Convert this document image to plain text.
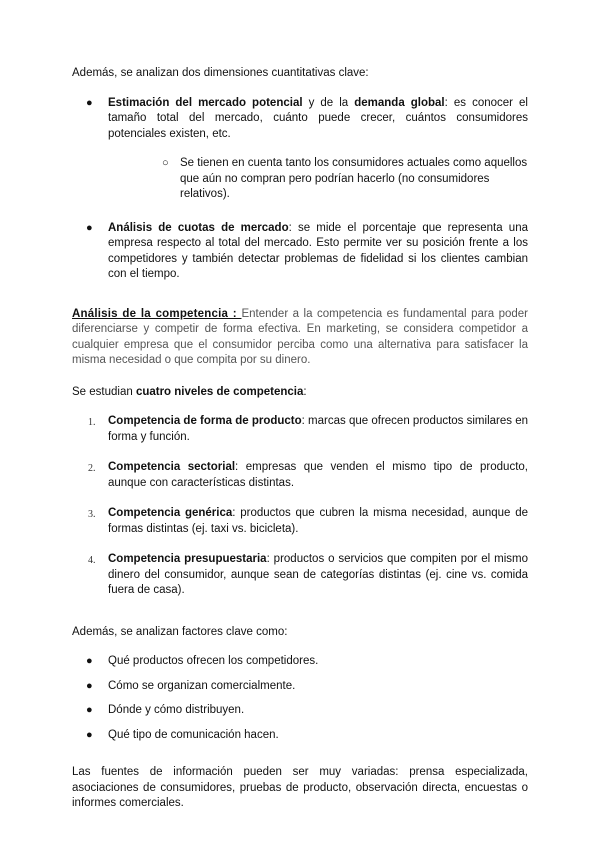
Además, se analizan dos dimensiones cuantitativas clave:

● Estimación del mercado potencial y de la demanda global: es conocer el tamaño total del mercado, cuánto puede crecer, cuántos consumidores potenciales existen, etc.

○ Se tienen en cuenta tanto los consumidores actuales como aquellos que aún no compran pero podrían hacerlo (no consumidores relativos).

● Análisis de cuotas de mercado: se mide el porcentaje que representa una empresa respecto al total del mercado. Esto permite ver su posición frente a los competidores y también detectar problemas de fidelidad si los clientes cambian con el tiempo.

Análisis de la competencia : Entender a la competencia es fundamental para poder diferenciarse y competir de forma efectiva. En marketing, se considera competidor a cualquier empresa que el consumidor perciba como una alternativa para satisfacer la misma necesidad o que compita por su dinero.

Se estudian cuatro niveles de competencia:

1. Competencia de forma de producto: marcas que ofrecen productos similares en forma y función.

2. Competencia sectorial: empresas que venden el mismo tipo de producto, aunque con características distintas.

3. Competencia genérica: productos que cubren la misma necesidad, aunque de formas distintas (ej. taxi vs. bicicleta).

4. Competencia presupuestaria: productos o servicios que compiten por el mismo dinero del consumidor, aunque sean de categorías distintas (ej. cine vs. comida fuera de casa).

Además, se analizan factores clave como:

● Qué productos ofrecen los competidores.

● Cómo se organizan comercialmente.

● Dónde y cómo distribuyen.

● Qué tipo de comunicación hacen.

Las fuentes de información pueden ser muy variadas: prensa especializada, asociaciones de consumidores, pruebas de producto, observación directa, encuestas o informes comerciales.
